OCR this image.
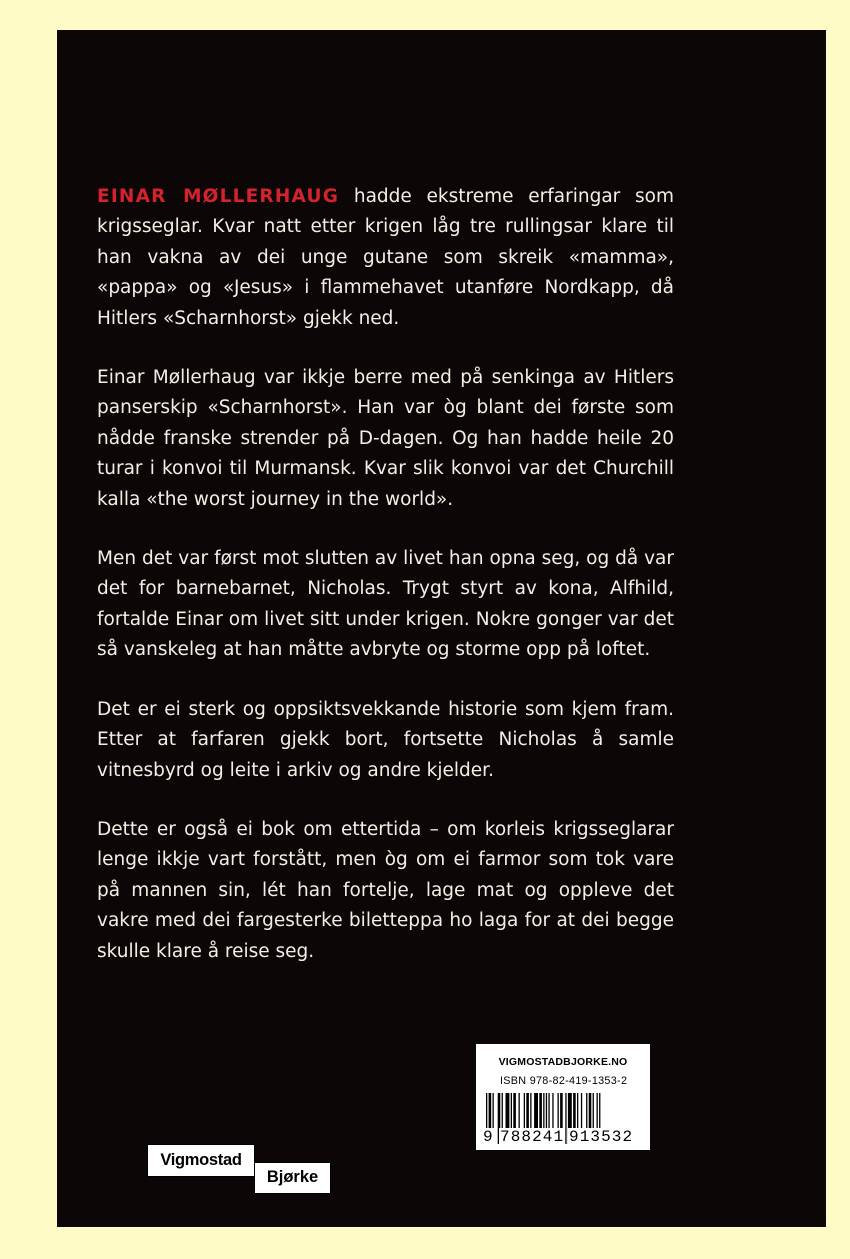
EINAR MØLLERHAUG hadde ekstreme erfaringar som krigsseglar. Kvar natt etter krigen låg tre rullingsar klare til han vakna av dei unge gutane som skreik «mamma», «pappa» og «Jesus» i flammehavet utanføre Nordkapp, då Hitlers «Scharnhorst» gjekk ned.

Einar Møllerhaug var ikkje berre med på senkinga av Hitlers panserskip «Scharnhorst». Han var òg blant dei første som nådde franske strender på D-dagen. Og han hadde heile 20 turar i konvoi til Murmansk. Kvar slik konvoi var det Churchill kalla «the worst journey in the world».

Men det var først mot slutten av livet han opna seg, og då var det for barnebarnet, Nicholas. Trygt styrt av kona, Alfhild, fortalde Einar om livet sitt under krigen. Nokre gonger var det så vanskeleg at han måtte avbryte og storme opp på loftet.

Det er ei sterk og oppsiktsvekkande historie som kjem fram. Etter at farfaren gjekk bort, fortsette Nicholas å samle vitnesbyrd og leite i arkiv og andre kjelder.

Dette er også ei bok om ettertida – om korleis krigsseglarar lenge ikkje vart forstått, men òg om ei farmor som tok vare på mannen sin, lét han fortelje, lage mat og oppleve det vakre med dei fargesterke biletteppa ho laga for at dei begge skulle klare å reise seg.

Bjørke
Vigmostad
VIGMOSTADBJORKE.NO
ISBN 978-82-419-1353-2
9 788241 913532
